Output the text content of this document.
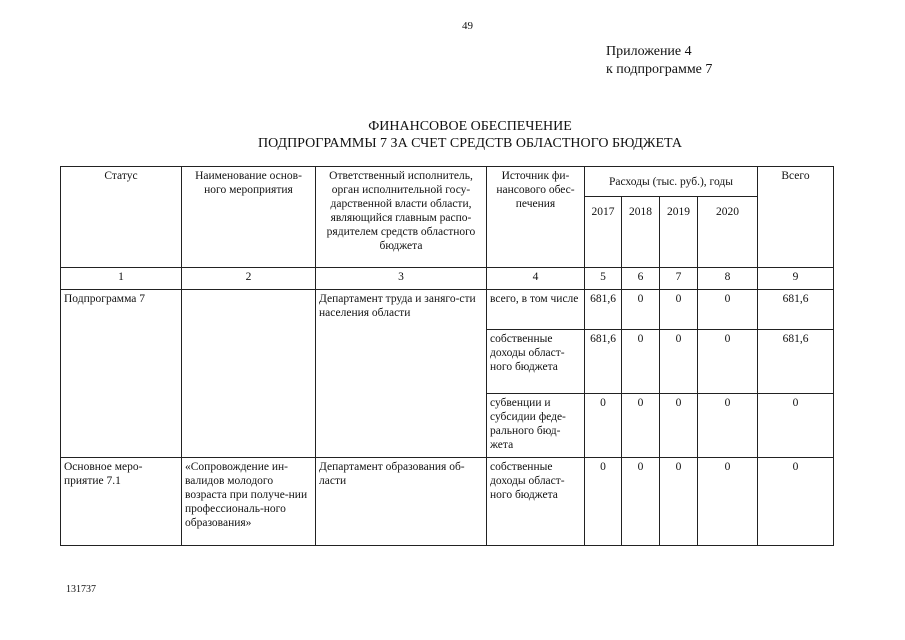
49
Приложение 4
к подпрограмме 7
ФИНАНСОВОЕ ОБЕСПЕЧЕНИЕ
ПОДПРОГРАММЫ 7 ЗА СЧЕТ СРЕДСТВ ОБЛАСТНОГО БЮДЖЕТА
Статус	Наименование основ-ного мероприятия	Ответственный исполнитель, орган исполнительной госу-дарственной власти области, являющийся главным распо-рядителем средств областного бюджета	Источник фи-нансового обес-печения	Расходы (тыс. руб.), годы				Всего
				2017	2018	2019	2020	
1	2	3	4	5	6	7	8	9
Подпрограмма 7		Департамент труда и заняго-сти населения области	всего, в том числе	681,6	0	0	0	681,6
			собственные доходы област-ного бюджета	681,6	0	0	0	681,6
			субвенции и субсидии феде-рального бюд-жета	0	0	0	0	0
Основное меро-приятие 7.1	«Сопровождение ин-валидов молодого возраста при получе-нии профессиональ-ного образования»	Департамент образования об-ласти	собственные доходы област-ного бюджета	0	0	0	0	0
131737
